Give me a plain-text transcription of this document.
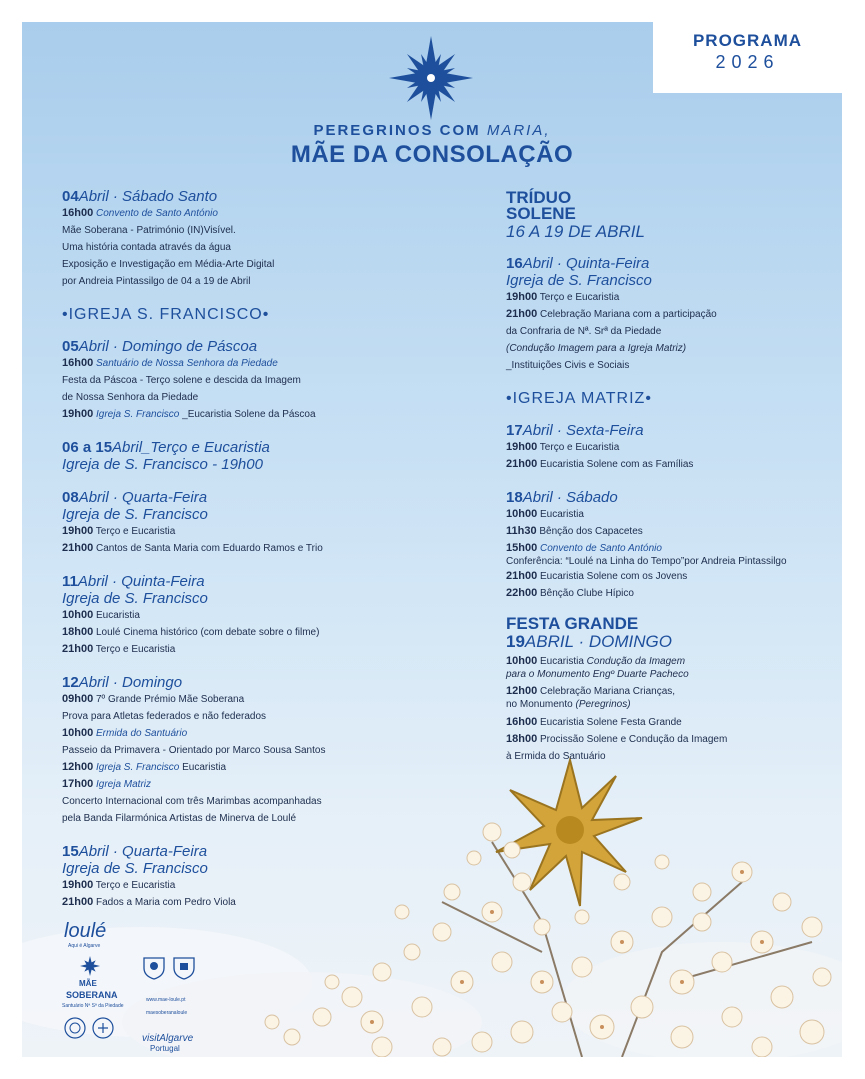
PROGRAMA
2026
PEREGRINOS COM MARIA,
MÃE DA CONSOLAÇÃO
04Abril · Sábado Santo
16h00 Convento de Santo António
Mãe Soberana - Património (IN)Visível.
Uma história contada através da água
Exposição e Investigação em Média-Arte Digital
por Andreia Pintassilgo de 04 a 19 de Abril
•IGREJA S. FRANCISCO•
05Abril · Domingo de Páscoa
16h00 Santuário de Nossa Senhora da Piedade
Festa da Páscoa - Terço solene e descida da Imagem
de Nossa Senhora da Piedade
19h00 Igreja S. Francisco _Eucaristia Solene da Páscoa
06 a 15Abril_Terço e Eucaristia
Igreja de S. Francisco - 19h00
08Abril · Quarta-Feira
Igreja de S. Francisco
19h00 Terço e Eucaristia
21h00 Cantos de Santa Maria com Eduardo Ramos e Trio
11Abril · Quinta-Feira
Igreja de S. Francisco
10h00 Eucaristia
18h00 Loulé Cinema histórico (com debate sobre o filme)
21h00 Terço e Eucaristia
12Abril · Domingo
09h00 7º Grande Prémio Mãe Soberana
Prova para Atletas federados e não federados
10h00 Ermida do Santuário
Passeio da Primavera - Orientado por Marco Sousa Santos
12h00 Igreja S. Francisco Eucaristia
17h00 Igreja Matriz
Concerto Internacional com três Marimbas acompanhadas
pela Banda Filarmónica Artistas de Minerva de Loulé
15Abril · Quarta-Feira
Igreja de S. Francisco
19h00 Terço e Eucaristia
21h00 Fados a Maria com Pedro Viola
TRÍDUO
SOLENE
16 A 19 DE ABRIL
16Abril · Quinta-Feira
Igreja de S. Francisco
19h00 Terço e Eucaristia
21h00 Celebração Mariana com a participação
da Confraria de Nª. Srª da Piedade
(Condução Imagem para a Igreja Matriz)
_Instituições Civis e Sociais
•IGREJA MATRIZ•
17Abril · Sexta-Feira
19h00 Terço e Eucaristia
21h00 Eucaristia Solene com as Famílias
18Abril · Sábado
10h00 Eucaristia
11h30 Bênção dos Capacetes
15h00 Convento de Santo António
Conferência: “Loulé na Linha do Tempo”por Andreia Pintassilgo
21h00 Eucaristia Solene com os Jovens
22h00 Bênção Clube Hípico
FESTA GRANDE
19ABRIL · DOMINGO
10h00 Eucaristia Condução da Imagem
para o Monumento Engº Duarte Pacheco
12h00 Celebração Mariana Crianças,
no Monumento (Peregrinos)
16h00 Eucaristia Solene Festa Grande
18h00 Procissão Solene e Condução da Imagem
à Ermida do Santuário
loulé
Aqui é Algarve
MÃE
SOBERANA
Santuário Nª Sª da Piedade
www.mae-loule.pt
maesoberanaloule
visitAlgarve
Portugal
